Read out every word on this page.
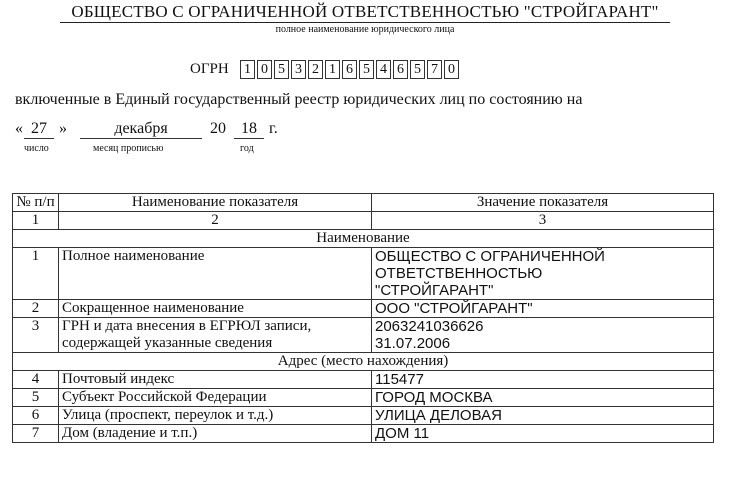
ОБЩЕСТВО С ОГРАНИЧЕННОЙ ОТВЕТСТВЕННОСТЬЮ "СТРОЙГАРАНТ"
полное наименование юридического лица
ОГРН 1 0 5 3 2 1 6 5 4 6 5 7 0
включенные в Единый государственный реестр юридических лиц по состоянию на
« 27 »	декабря	20 18 г.
число	месяц прописью	год
№ п/п	Наименование показателя	Значение показателя
1	2	3
Наименование		
1	Полное наименование	ОБЩЕСТВО С ОГРАНИЧЕННОЙ
ОТВЕТСТВЕННОСТЬЮ
"СТРОЙГАРАНТ"

2	Сокращенное наименование	ООО "СТРОЙГАРАНТ"

3	ГРН и дата внесения в ЕГРЮЛ записи, содержащей указанные сведения	2063241036626
31.07.2006

Адрес (место нахождения)		
4	Почтовый индекс	115477

5	Субъект Российской Федерации	ГОРОД МОСКВА

6	Улица (проспект, переулок и т.д.)	УЛИЦА ДЕЛОВАЯ

7	Дом (владение и т.п.)	ДОМ 11
